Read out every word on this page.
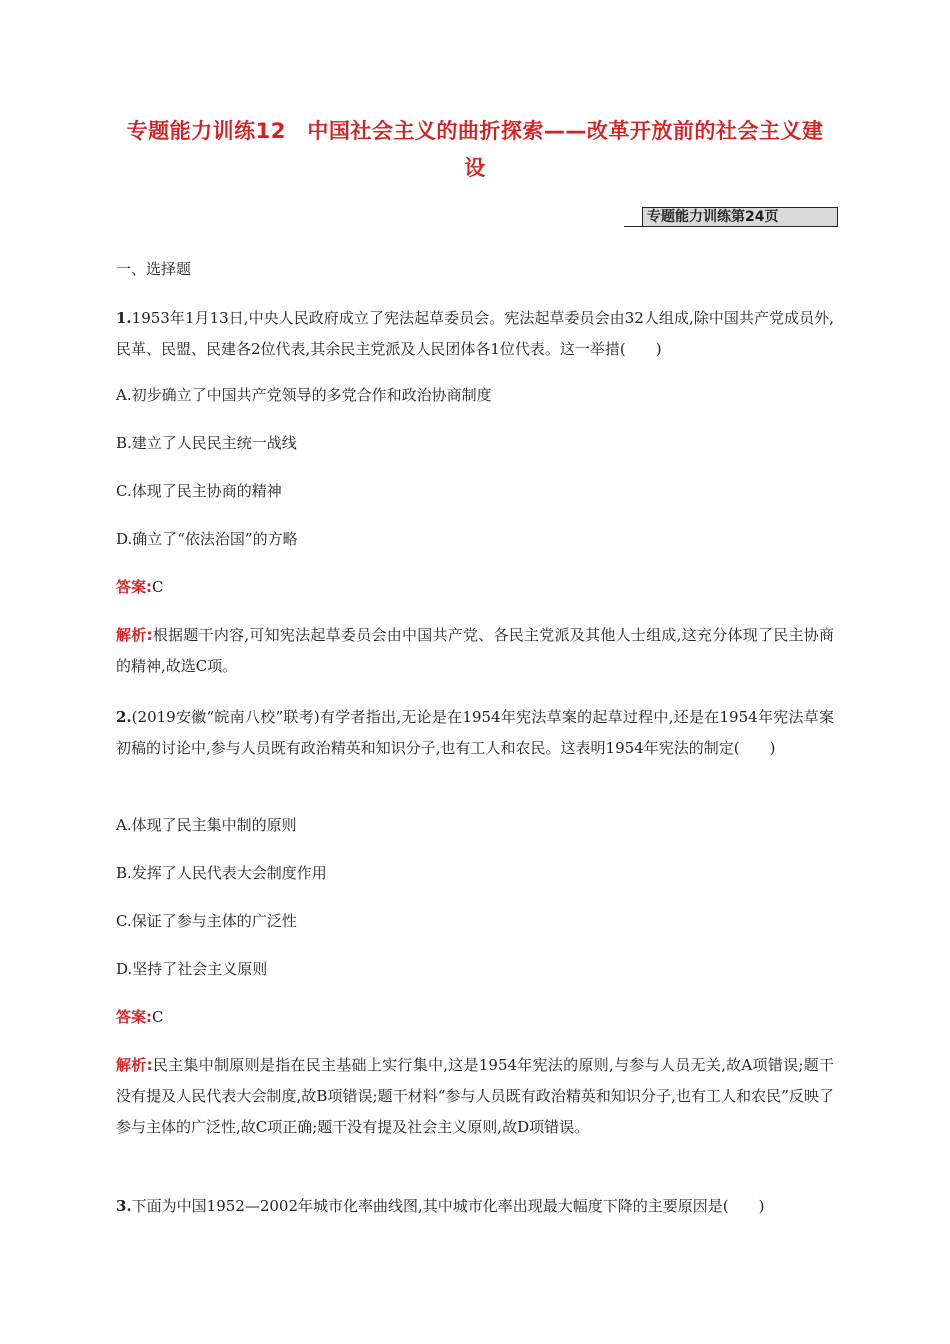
专题能力训练12　中国社会主义的曲折探索——改革开放前的社会主义建设
专题能力训练第24页
一、选择题
1.1953年1月13日,中央人民政府成立了宪法起草委员会。宪法起草委员会由32人组成,除中国共产党成员外,民革、民盟、民建各2位代表,其余民主党派及人民团体各1位代表。这一举措(　　)
A.初步确立了中国共产党领导的多党合作和政治协商制度
B.建立了人民民主统一战线
C.体现了民主协商的精神
D.确立了“依法治国”的方略
答案:C
解析:根据题干内容,可知宪法起草委员会由中国共产党、各民主党派及其他人士组成,这充分体现了民主协商的精神,故选C项。
2.(2019安徽“皖南八校”联考)有学者指出,无论是在1954年宪法草案的起草过程中,还是在1954年宪法草案初稿的讨论中,参与人员既有政治精英和知识分子,也有工人和农民。这表明1954年宪法的制定(　　)
A.体现了民主集中制的原则
B.发挥了人民代表大会制度作用
C.保证了参与主体的广泛性
D.坚持了社会主义原则
答案:C
解析:民主集中制原则是指在民主基础上实行集中,这是1954年宪法的原则,与参与人员无关,故A项错误;题干没有提及人民代表大会制度,故B项错误;题干材料“参与人员既有政治精英和知识分子,也有工人和农民”反映了参与主体的广泛性,故C项正确;题干没有提及社会主义原则,故D项错误。
3.下面为中国1952—2002年城市化率曲线图,其中城市化率出现最大幅度下降的主要原因是(　　)
